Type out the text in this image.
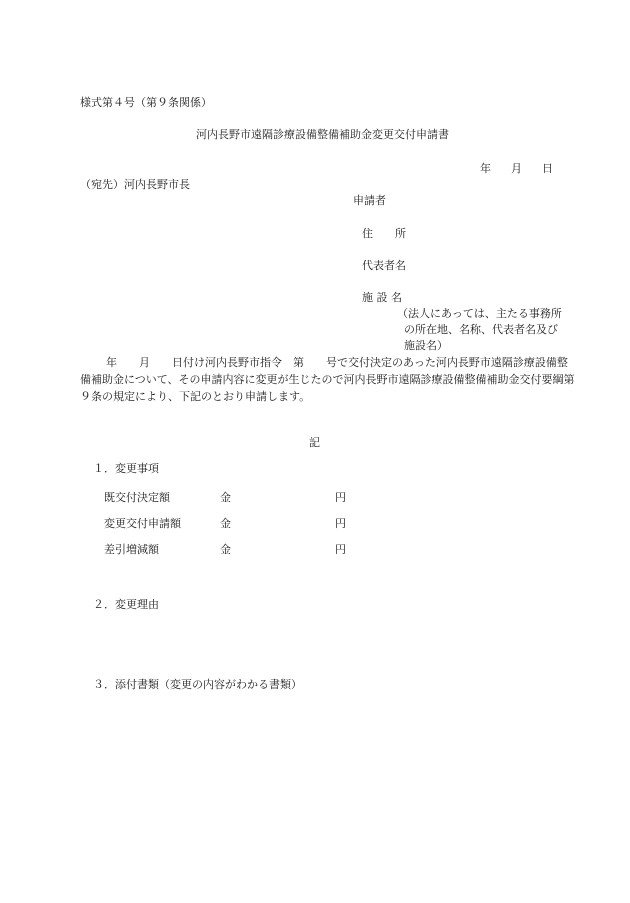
様式第４号（第９条関係）
河内長野市遠隔診療設備整備補助金変更交付申請書
年 月 日
（宛先）河内長野市長
申請者
住　　所
代表者名
施 設 名
（法人にあっては、主たる事務所
の所在地、名称、代表者名及び
施設名）
年　　月　　日付け河内長野市指令　第　　号で交付決定のあった河内長野市遠隔診療設備整
備補助金について、その申請内容に変更が生じたので河内長野市遠隔診療設備整備補助金交付要綱第
９条の規定により、下記のとおり申請します。
記
１．変更事項
既交付決定額	金	円
変更交付申請額	金	円
差引増減額	金	円
２．変更理由
３．添付書類（変更の内容がわかる書類）
